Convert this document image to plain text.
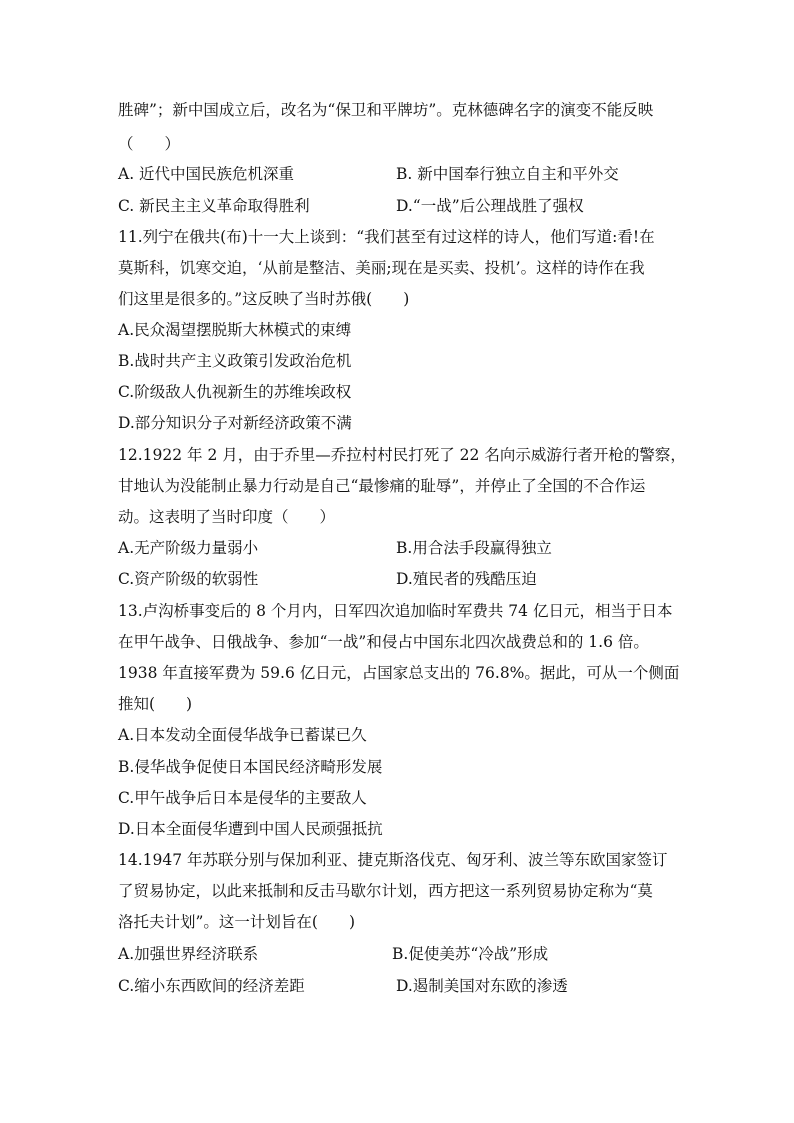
胜碑”；新中国成立后，改名为“保卫和平牌坊”。克林德碑名字的演变不能反映
（　　）
A. 近代中国民族危机深重	B. 新中国奉行独立自主和平外交
C. 新民主主义革命取得胜利	D.“一战”后公理战胜了强权
11.列宁在俄共(布)十一大上谈到：“我们甚至有过这样的诗人，他们写道:看!在
莫斯科，饥寒交迫，‘从前是整洁、美丽;现在是买卖、投机’。这样的诗作在我
们这里是很多的。”这反映了当时苏俄(　　)
A.民众渴望摆脱斯大林模式的束缚
B.战时共产主义政策引发政治危机
C.阶级敌人仇视新生的苏维埃政权
D.部分知识分子对新经济政策不满
12.1922 年 2 月，由于乔里—乔拉村村民打死了 22 名向示威游行者开枪的警察，
甘地认为没能制止暴力行动是自己“最惨痛的耻辱”，并停止了全国的不合作运
动。这表明了当时印度（　　）
A.无产阶级力量弱小	B.用合法手段赢得独立
C.资产阶级的软弱性	D.殖民者的残酷压迫
13.卢沟桥事变后的 8 个月内，日军四次追加临时军费共 74 亿日元，相当于日本
在甲午战争、日俄战争、参加“一战”和侵占中国东北四次战费总和的 1.6 倍。
1938 年直接军费为 59.6 亿日元，占国家总支出的 76.8%。据此，可从一个侧面
推知(　　)
A.日本发动全面侵华战争已蓄谋已久
B.侵华战争促使日本国民经济畸形发展
C.甲午战争后日本是侵华的主要敌人
D.日本全面侵华遭到中国人民顽强抵抗
14.1947 年苏联分别与保加利亚、捷克斯洛伐克、匈牙利、波兰等东欧国家签订
了贸易协定，以此来抵制和反击马歇尔计划，西方把这一系列贸易协定称为“莫
洛托夫计划”。这一计划旨在(　　)
A.加强世界经济联系	B.促使美苏“冷战”形成
C.缩小东西欧间的经济差距	D.遏制美国对东欧的渗透
